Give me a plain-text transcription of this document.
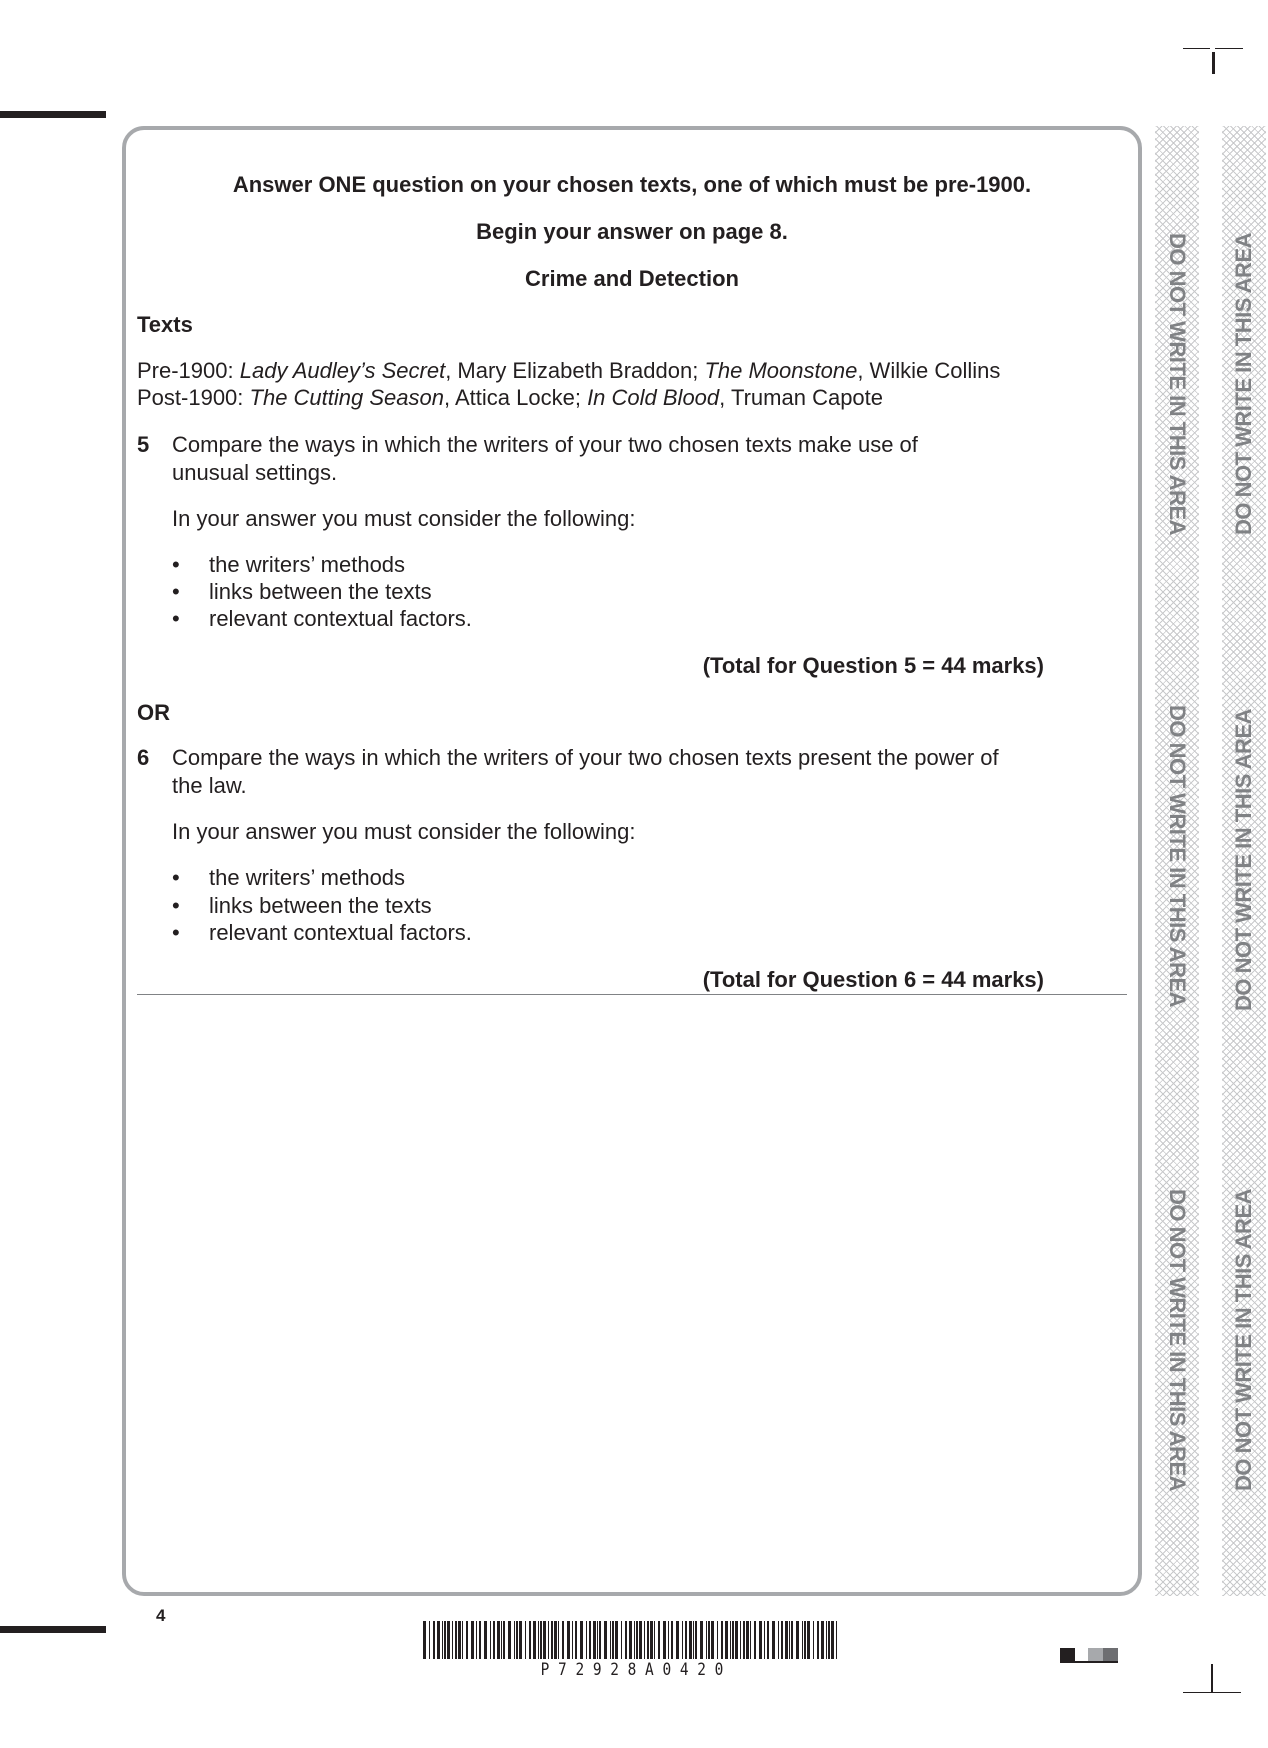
DO NOT WRITE IN THIS AREA
DO NOT WRITE IN THIS AREA
DO NOT WRITE IN THIS AREA
DO NOT WRITE IN THIS AREA
DO NOT WRITE IN THIS AREA
DO NOT WRITE IN THIS AREA
Answer ONE question on your chosen texts, one of which must be pre-1900.
Begin your answer on page 8.
Crime and Detection
Texts
Pre-1900: Lady Audley’s Secret, Mary Elizabeth Braddon; The Moonstone, Wilkie Collins
Post-1900: The Cutting Season, Attica Locke; In Cold Blood, Truman Capote
5 Compare the ways in which the writers of your two chosen texts make use of
unusual settings.
In your answer you must consider the following:
• the writers’ methods
• links between the texts
• relevant contextual factors.
(Total for Question 5 = 44 marks)
OR
6 Compare the ways in which the writers of your two chosen texts present the power of
the law.
In your answer you must consider the following:
• the writers’ methods
• links between the texts
• relevant contextual factors.
(Total for Question 6 = 44 marks)
4
P 7 2 9 2 8 A 0 4 2 0
